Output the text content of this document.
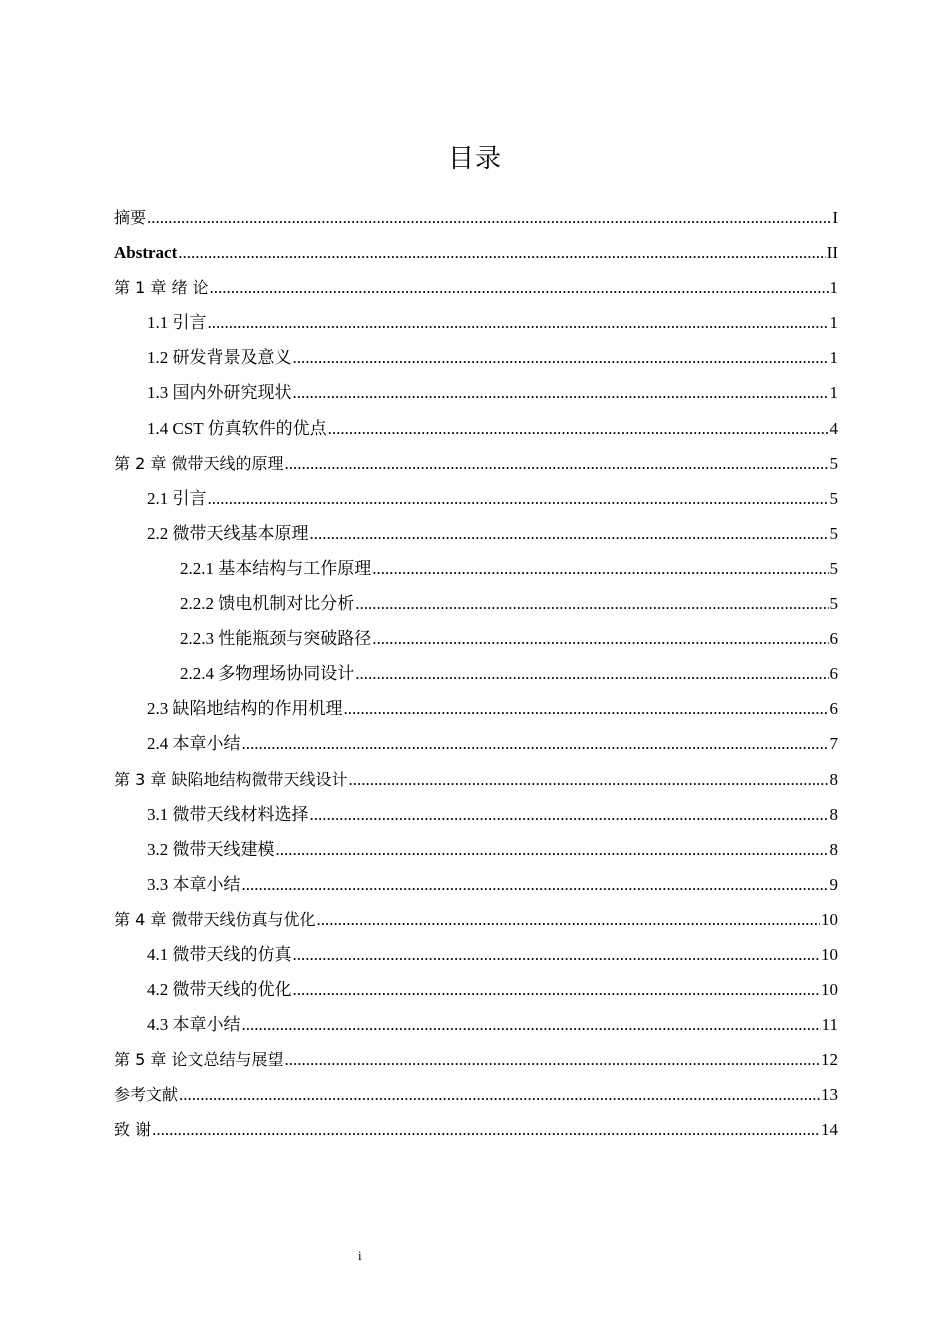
目录
摘要 .....	I
Abstract .....	II
第 1 章 绪 论 .....	1
1.1 引言 .....	1
1.2 研发背景及意义 .....	1
1.3 国内外研究现状 .....	1
1.4 CST 仿真软件的优点 .....	4
第 2 章 微带天线的原理 .....	5
2.1 引言 .....	5
2.2 微带天线基本原理 .....	5
2.2.1 基本结构与工作原理 .....	5
2.2.2 馈电机制对比分析 .....	5
2.2.3 性能瓶颈与突破路径 .....	6
2.2.4 多物理场协同设计 .....	6
2.3 缺陷地结构的作用机理 .....	6
2.4 本章小结 .....	7
第 3 章 缺陷地结构微带天线设计 .....	8
3.1 微带天线材料选择 .....	8
3.2 微带天线建模 .....	8
3.3 本章小结 .....	9
第 4 章 微带天线仿真与优化 .....	10
4.1 微带天线的仿真 .....	10
4.2 微带天线的优化 .....	10
4.3 本章小结 .....	11
第 5 章 论文总结与展望 .....	12
参考文献 .....	13
致 谢 .....	14
i
